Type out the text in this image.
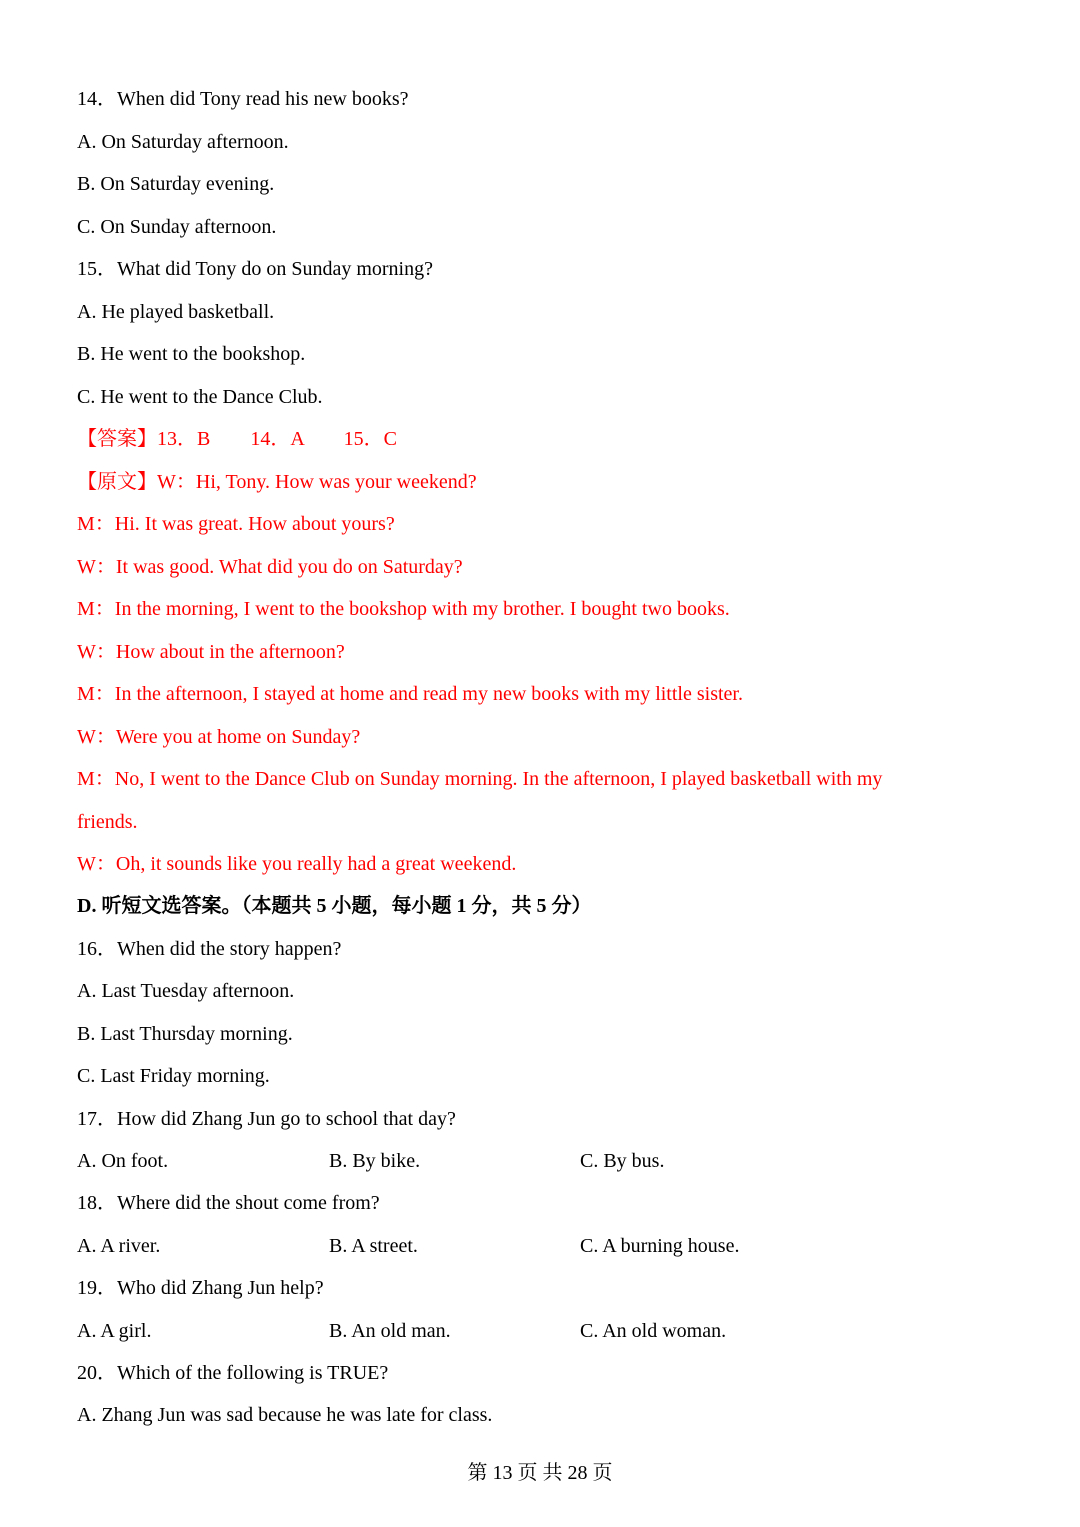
14．When did Tony read his new books?
A. On Saturday afternoon.
B. On Saturday evening.
C. On Sunday afternoon.
15．What did Tony do on Sunday morning?
A. He played basketball.
B. He went to the bookshop.
C. He went to the Dance Club.
【答案】13．B　　14．A　　15．C
【原文】W：Hi, Tony. How was your weekend?
M：Hi. It was great. How about yours?
W：It was good. What did you do on Saturday?
M：In the morning, I went to the bookshop with my brother. I bought two books.
W：How about in the afternoon?
M：In the afternoon, I stayed at home and read my new books with my little sister.
W：Were you at home on Sunday?
M：No, I went to the Dance Club on Sunday morning. In the afternoon, I played basketball with my
friends.
W：Oh, it sounds like you really had a great weekend.
D. 听短文选答案。（本题共 5 小题，每小题 1 分，共 5 分）
16．When did the story happen?
A. Last Tuesday afternoon.
B. Last Thursday morning.
C. Last Friday morning.
17．How did Zhang Jun go to school that day?
A. On foot.	B. By bike.	C. By bus.
18．Where did the shout come from?
A. A river.	B. A street.	C. A burning house.
19．Who did Zhang Jun help?
A. A girl.	B. An old man.	C. An old woman.
20．Which of the following is TRUE?
A. Zhang Jun was sad because he was late for class.
第 13 页 共 28 页
